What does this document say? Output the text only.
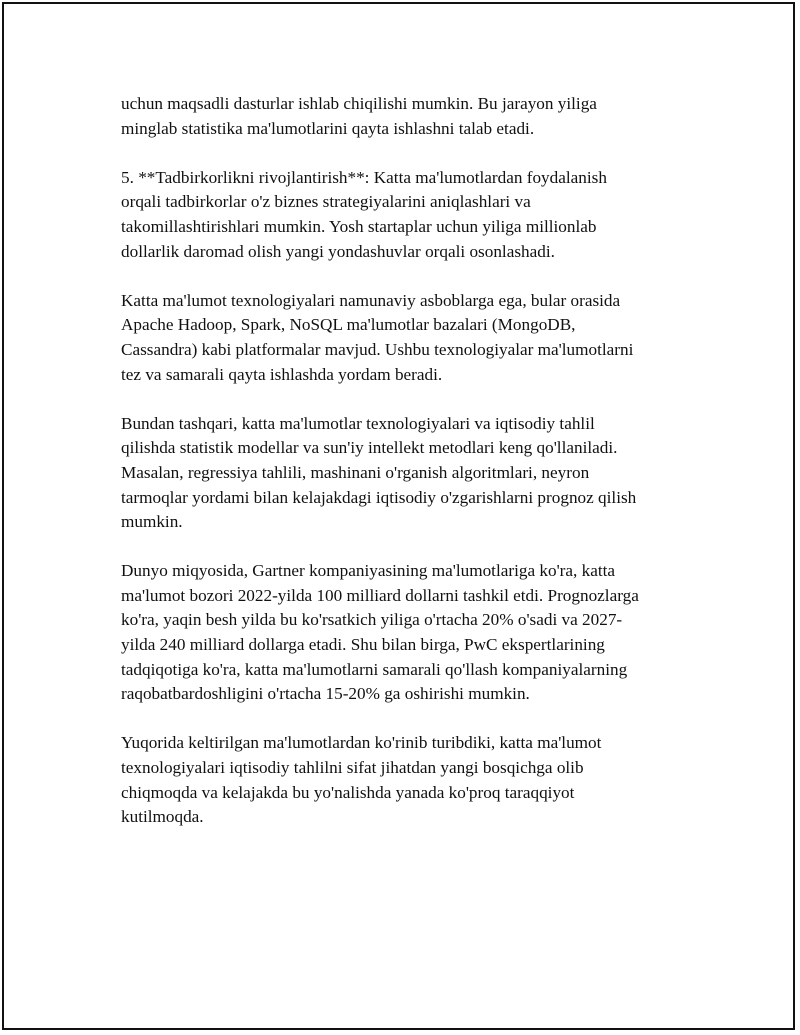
uchun maqsadli dasturlar ishlab chiqilishi mumkin. Bu jarayon yiliga
minglab statistika ma'lumotlarini qayta ishlashni talab etadi.

5. **Tadbirkorlikni rivojlantirish**: Katta ma'lumotlardan foydalanish
orqali tadbirkorlar o'z biznes strategiyalarini aniqlashlari va
takomillashtirishlari mumkin. Yosh startaplar uchun yiliga millionlab
dollarlik daromad olish yangi yondashuvlar orqali osonlashadi.

Katta ma'lumot texnologiyalari namunaviy asboblarga ega, bular orasida
Apache Hadoop, Spark, NoSQL ma'lumotlar bazalari (MongoDB,
Cassandra) kabi platformalar mavjud. Ushbu texnologiyalar ma'lumotlarni
tez va samarali qayta ishlashda yordam beradi.

Bundan tashqari, katta ma'lumotlar texnologiyalari va iqtisodiy tahlil
qilishda statistik modellar va sun'iy intellekt metodlari keng qo'llaniladi.
Masalan, regressiya tahlili, mashinani o'rganish algoritmlari, neyron
tarmoqlar yordami bilan kelajakdagi iqtisodiy o'zgarishlarni prognoz qilish
mumkin.

Dunyo miqyosida, Gartner kompaniyasining ma'lumotlariga ko'ra, katta
ma'lumot bozori 2022-yilda 100 milliard dollarni tashkil etdi. Prognozlarga
ko'ra, yaqin besh yilda bu ko'rsatkich yiliga o'rtacha 20% o'sadi va 2027-
yilda 240 milliard dollarga etadi. Shu bilan birga, PwC ekspertlarining
tadqiqotiga ko'ra, katta ma'lumotlarni samarali qo'llash kompaniyalarning
raqobatbardoshligini o'rtacha 15-20% ga oshirishi mumkin.

Yuqorida keltirilgan ma'lumotlardan ko'rinib turibdiki, katta ma'lumot
texnologiyalari iqtisodiy tahlilni sifat jihatdan yangi bosqichga olib
chiqmoqda va kelajakda bu yo'nalishda yanada ko'proq taraqqiyot
kutilmoqda.
